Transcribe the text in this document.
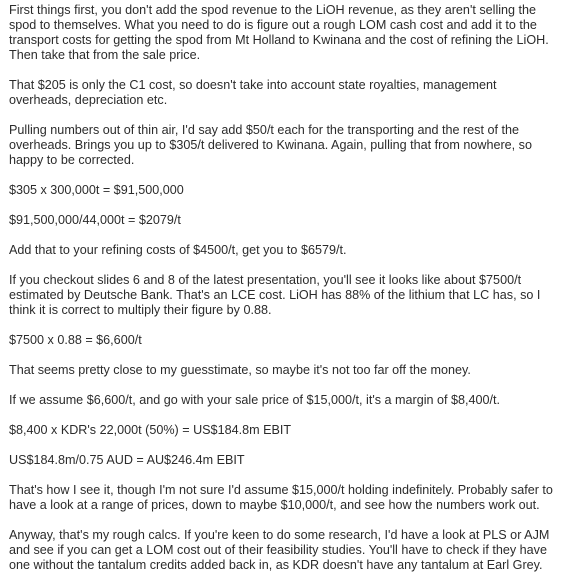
First things first, you don't add the spod revenue to the LiOH revenue, as they aren't selling the
spod to themselves. What you need to do is figure out a rough LOM cash cost and add it to the
transport costs for getting the spod from Mt Holland to Kwinana and the cost of refining the LiOH.
Then take that from the sale price.
That $205 is only the C1 cost, so doesn't take into account state royalties, management
overheads, depreciation etc.
Pulling numbers out of thin air, I'd say add $50/t each for the transporting and the rest of the
overheads. Brings you up to $305/t delivered to Kwinana. Again, pulling that from nowhere, so
happy to be corrected.
$305 x 300,000t = $91,500,000
$91,500,000/44,000t = $2079/t
Add that to your refining costs of $4500/t, get you to $6579/t.
If you checkout slides 6 and 8 of the latest presentation, you'll see it looks like about $7500/t
estimated by Deutsche Bank. That's an LCE cost. LiOH has 88% of the lithium that LC has, so I
think it is correct to multiply their figure by 0.88.
$7500 x 0.88 = $6,600/t
That seems pretty close to my guesstimate, so maybe it's not too far off the money.
If we assume $6,600/t, and go with your sale price of $15,000/t, it's a margin of $8,400/t.
$8,400 x KDR's 22,000t (50%) = US$184.8m EBIT
US$184.8m/0.75 AUD = AU$246.4m EBIT
That's how I see it, though I'm not sure I'd assume $15,000/t holding indefinitely. Probably safer to
have a look at a range of prices, down to maybe $10,000/t, and see how the numbers work out.
Anyway, that's my rough calcs. If you're keen to do some research, I'd have a look at PLS or AJM
and see if you can get a LOM cost out of their feasibility studies. You'll have to check if they have
one without the tantalum credits added back in, as KDR doesn't have any tantalum at Earl Grey.
